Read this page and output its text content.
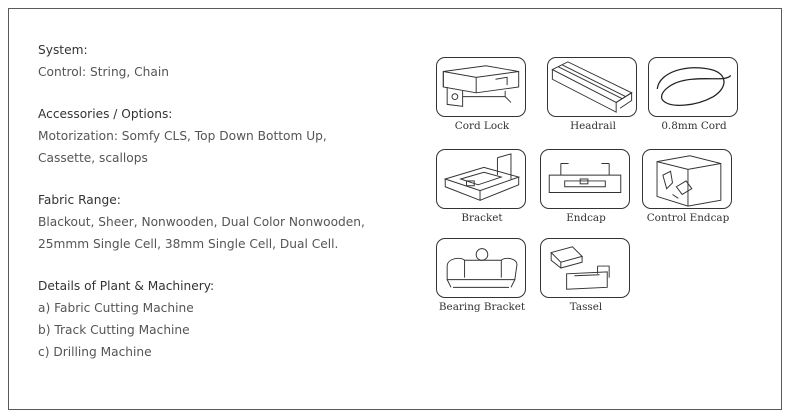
System:
Control: String, Chain
Accessories / Options:
Motorization: Somfy CLS, Top Down Bottom Up,
Cassette, scallops
Fabric Range:
Blackout, Sheer, Nonwooden, Dual Color Nonwooden,
25mmm Single Cell, 38mm Single Cell, Dual Cell.
Details of Plant & Machinery:
a) Fabric Cutting Machine
b) Track Cutting Machine
c) Drilling Machine
Cord Lock	Headrail	0.8mm Cord
Bracket	Endcap	Control Endcap
Bearing Bracket	Tassel
